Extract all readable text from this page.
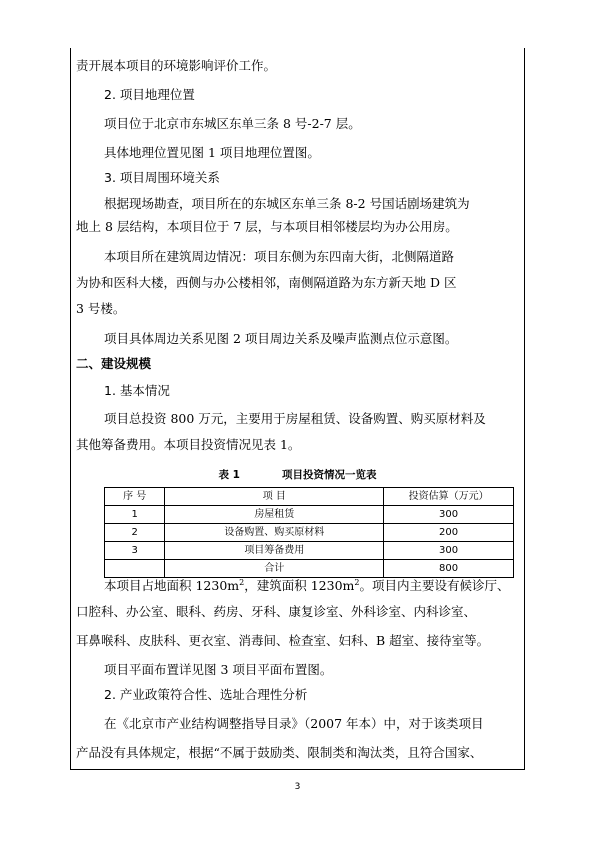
责开展本项目的环境影响评价工作。
2. 项目地理位置
项目位于北京市东城区东单三条 8 号-2-7 层。
具体地理位置见图 1 项目地理位置图。
3. 项目周围环境关系
根据现场勘查，项目所在的东城区东单三条 8-2 号国话剧场建筑为
地上 8 层结构，本项目位于 7 层，与本项目相邻楼层均为办公用房。
本项目所在建筑周边情况：项目东侧为东四南大街，北侧隔道路
为协和医科大楼，西侧与办公楼相邻，南侧隔道路为东方新天地 D 区
3 号楼。
项目具体周边关系见图 2 项目周边关系及噪声监测点位示意图。
二、建设规模
1. 基本情况
项目总投资 800 万元，主要用于房屋租赁、设备购置、购买原材料及
其他筹备费用。本项目投资情况见表 1。
表 1	项目投资情况一览表
序 号	项 目	投资估算（万元）
1	房屋租赁	300
2	设备购置、购买原材料	200
3	项目筹备费用	300
	合计	800
本项目占地面积 $1230m^2$，建筑面积 $1230m^2$。项目内主要设有候诊厅、
口腔科、办公室、眼科、药房、牙科、康复诊室、外科诊室、内科诊室、
耳鼻喉科、皮肤科、更衣室、消毒间、检查室、妇科、B 超室、接待室等。
项目平面布置详见图 3 项目平面布置图。
2. 产业政策符合性、选址合理性分析
在《北京市产业结构调整指导目录》（2007 年本）中，对于该类项目
产品没有具体规定，根据“不属于鼓励类、限制类和淘汰类，且符合国家、
3
